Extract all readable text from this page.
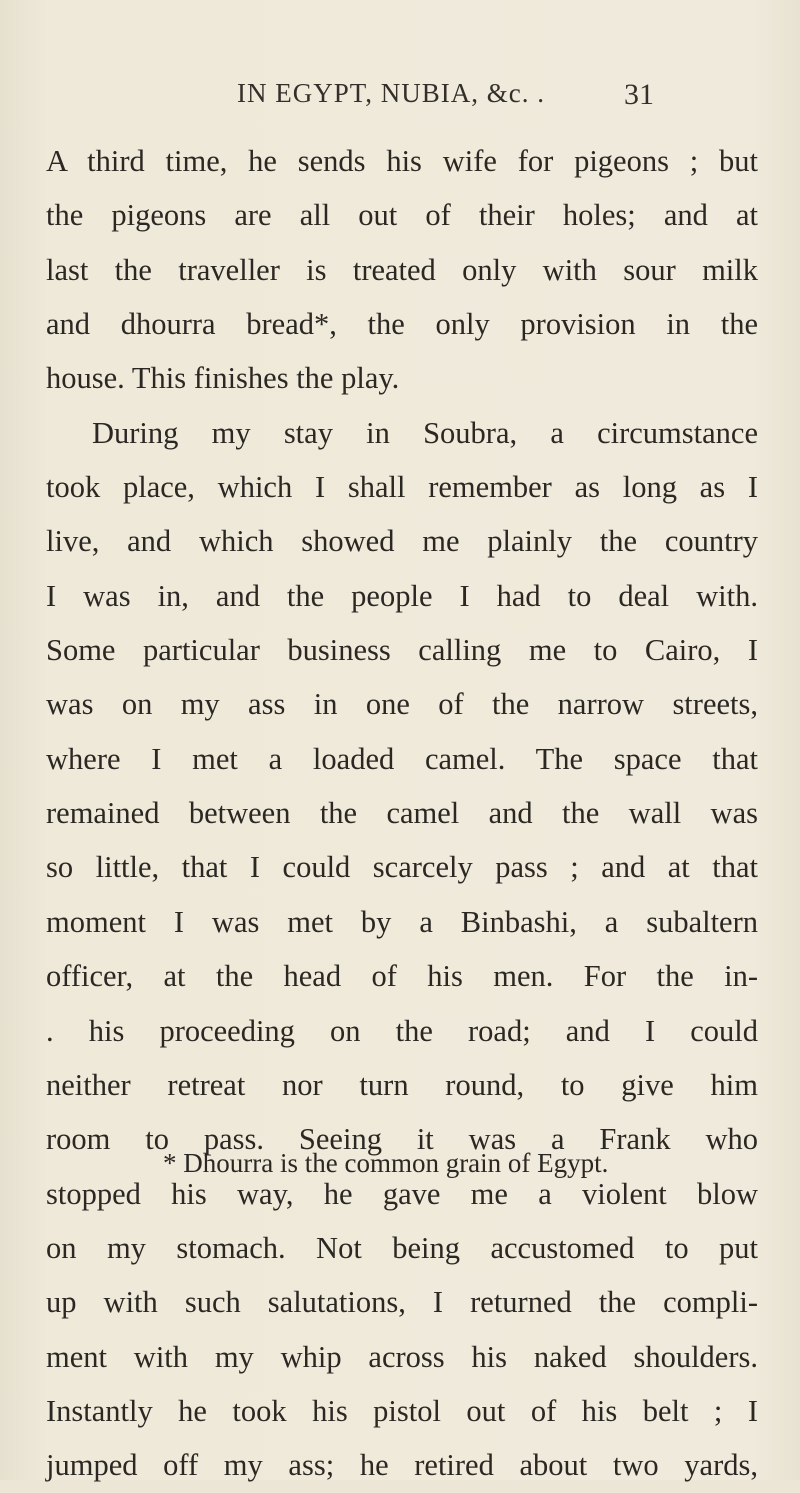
IN EGYPT, NUBIA, &c. .	31
A third time, he sends his wife for pigeons ; but
the pigeons are all out of their holes; and at
last the traveller is treated only with sour milk
and dhourra bread*, the only provision in the
house. This finishes the play.
During my stay in Soubra, a circumstance
took place, which I shall remember as long as I
live, and which showed me plainly the country
I was in, and the people I had to deal with.
Some particular business calling me to Cairo, I
was on my ass in one of the narrow streets,
where I met a loaded camel. The space that
remained between the camel and the wall was
so little, that I could scarcely pass ; and at that
moment I was met by a Binbashi, a subaltern
officer, at the head of his men. For the in-
. his proceeding on the road; and I could
neither retreat nor turn round, to give him
room to pass. Seeing it was a Frank who
stopped his way, he gave me a violent blow
on my stomach. Not being accustomed to put
up with such salutations, I returned the compli-
ment with my whip across his naked shoulders.
Instantly he took his pistol out of his belt ; I
jumped off my ass; he retired about two yards,
* Dhourra is the common grain of Egypt.
